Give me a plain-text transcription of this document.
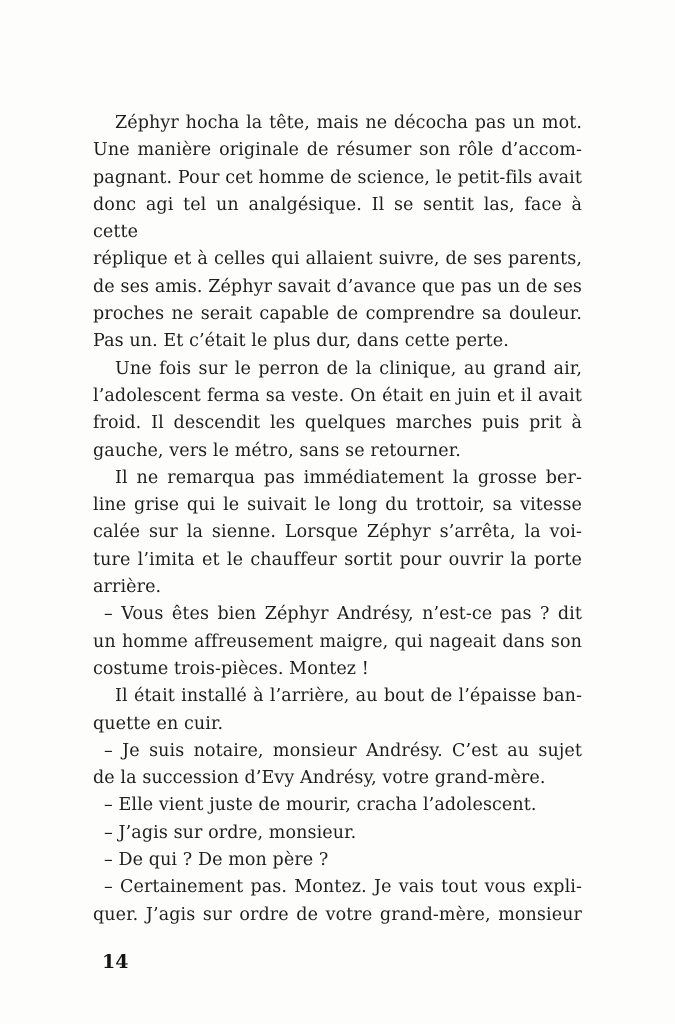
Zéphyr hocha la tête, mais ne décocha pas un mot.
Une manière originale de résumer son rôle d’accom-
pagnant. Pour cet homme de science, le petit-fils avait
donc agi tel un analgésique. Il se sentit las, face à cette
réplique et à celles qui allaient suivre, de ses parents,
de ses amis. Zéphyr savait d’avance que pas un de ses
proches ne serait capable de comprendre sa douleur.
Pas un. Et c’était le plus dur, dans cette perte.
Une fois sur le perron de la clinique, au grand air,
l’adolescent ferma sa veste. On était en juin et il avait
froid. Il descendit les quelques marches puis prit à
gauche, vers le métro, sans se retourner.
Il ne remarqua pas immédiatement la grosse ber-
line grise qui le suivait le long du trottoir, sa vitesse
calée sur la sienne. Lorsque Zéphyr s’arrêta, la voi-
ture l’imita et le chauffeur sortit pour ouvrir la porte
arrière.
– Vous êtes bien Zéphyr Andrésy, n’est-ce pas ? dit
un homme affreusement maigre, qui nageait dans son
costume trois-pièces. Montez !
Il était installé à l’arrière, au bout de l’épaisse ban-
quette en cuir.
– Je suis notaire, monsieur Andrésy. C’est au sujet
de la succession d’Evy Andrésy, votre grand-mère.
– Elle vient juste de mourir, cracha l’adolescent.
– J’agis sur ordre, monsieur.
– De qui ? De mon père ?
– Certainement pas. Montez. Je vais tout vous expli-
quer. J’agis sur ordre de votre grand-mère, monsieur
14
